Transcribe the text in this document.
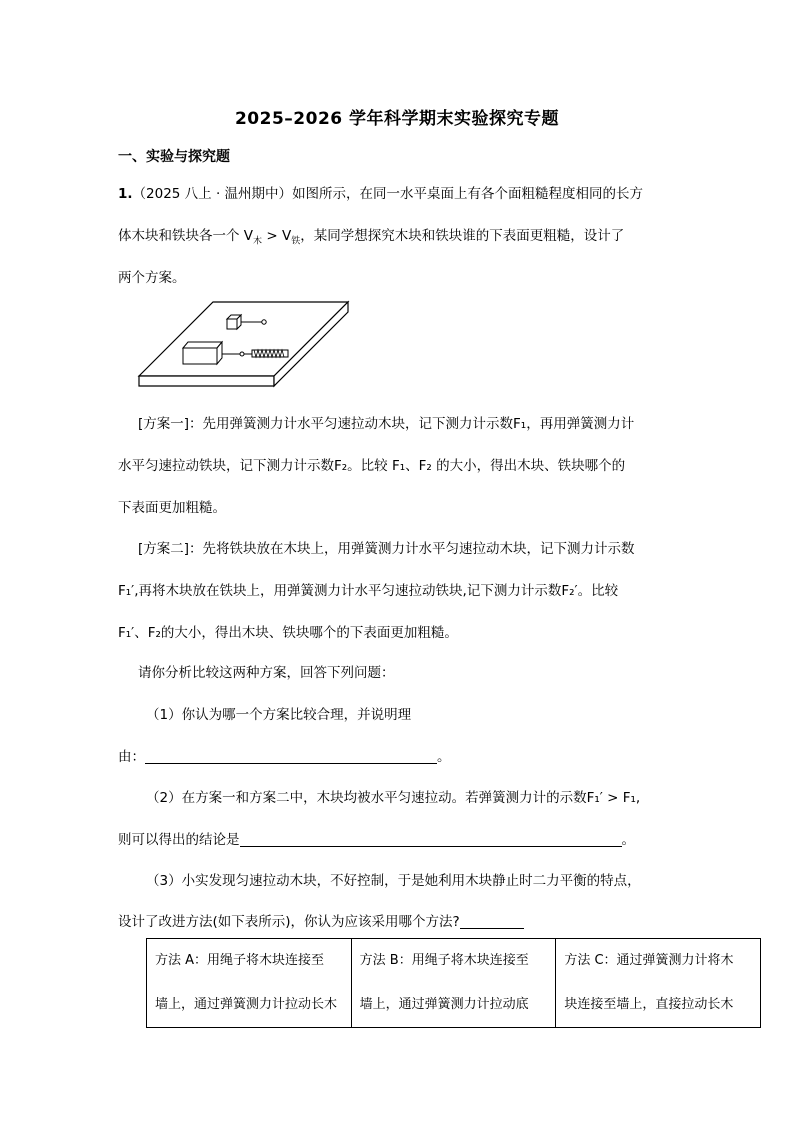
2025–2026 学年科学期末实验探究专题
一、实验与探究题
1.（2025 八上 · 温州期中）如图所示，在同一水平桌面上有各个面粗糙程度相同的长方
体木块和铁块各一个 $V_木 > V_铁$，某同学想探究木块和铁块谁的下表面更粗糙，设计了
两个方案。
[方案一]：先用弹簧测力计水平匀速拉动木块，记下测力计示数F₁，再用弹簧测力计
水平匀速拉动铁块，记下测力计示数F₂。比较 F₁、F₂ 的大小，得出木块、铁块哪个的
下表面更加粗糙。
[方案二]：先将铁块放在木块上，用弹簧测力计水平匀速拉动木块，记下测力计示数
F₁′,再将木块放在铁块上，用弹簧测力计水平匀速拉动铁块,记下测力计示数F₂′。比较
F₁′、F₂的大小，得出木块、铁块哪个的下表面更加粗糙。
请你分析比较这两种方案，回答下列问题：
（1）你认为哪一个方案比较合理，并说明理
由：	。
（2）在方案一和方案二中，木块均被水平匀速拉动。若弹簧测力计的示数F₁′ > F₁,
则可以得出的结论是	。
（3）小实发现匀速拉动木块，不好控制，于是她利用木块静止时二力平衡的特点，
设计了改进方法(如下表所示)，你认为应该采用哪个方法?
方法 A：用绳子将木块连接至
墙上，通过弹簧测力计拉动长木

方法 B：用绳子将木块连接至
墙上，通过弹簧测力计拉动底

方法 C：通过弹簧测力计将木
块连接至墙上，直接拉动长木
